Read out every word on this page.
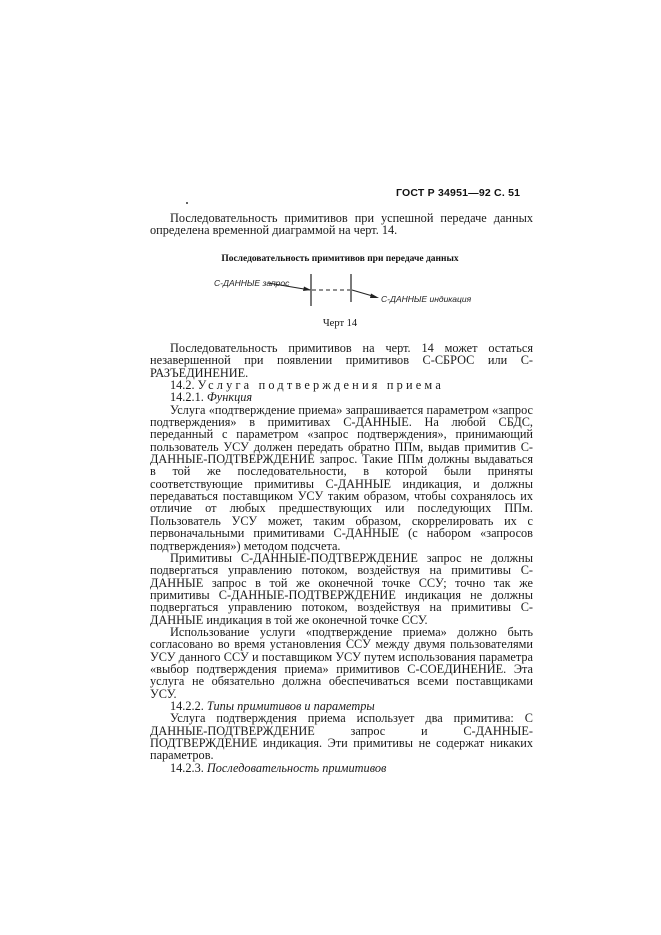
ГОСТ Р 34951—92 С. 51

Последовательность примитивов при успешной передаче данных определена временной диаграммой на черт. 14.

Последовательность примитивов при передаче данных
С-ДАННЫЕ запрос
С-ДАННЫЕ индикация
Черт 14

Последовательность примитивов на черт. 14 может остаться незавершенной при появлении примитивов С-СБРОС или С-РАЗЪЕДИНЕНИЕ.

14.2. Услуга подтверждения приема

14.2.1. Функция

Услуга «подтверждение приема» запрашивается параметром «запрос подтверждения» в примитивах С-ДАННЫЕ. На любой СБДС, переданный с параметром «запрос подтверждения», принимающий пользователь УСУ должен передать обратно ППм, выдав примитив С-ДАННЫЕ-ПОДТВЕРЖДЕНИЕ запрос. Такие ППм должны выдаваться в той же последовательности, в которой были приняты соответствующие примитивы С-ДАННЫЕ индикация, и должны передаваться поставщиком УСУ таким образом, чтобы сохранялось их отличие от любых предшествующих или последующих ППм. Пользователь УСУ может, таким образом, скоррелировать их с первоначальными примитивами С-ДАННЫЕ (с набором «запросов подтверждения») методом подсчета.

Примитивы С-ДАННЫЕ-ПОДТВЕРЖДЕНИЕ запрос не должны подвергаться управлению потоком, воздействуя на примитивы С-ДАННЫЕ запрос в той же оконечной точке ССУ; точно так же примитивы С-ДАННЫЕ-ПОДТВЕРЖДЕНИЕ индикация не должны подвергаться управлению потоком, воздействуя на примитивы С-ДАННЫЕ индикация в той же оконечной точке ССУ.

Использование услуги «подтверждение приема» должно быть согласовано во время установления ССУ между двумя пользователями УСУ данного ССУ и поставщиком УСУ путем использования параметра «выбор подтверждения приема» примитивов С-СОЕДИНЕНИЕ. Эта услуга не обязательно должна обеспечиваться всеми поставщиками УСУ.

14.2.2. Типы примитивов и параметры

Услуга подтверждения приема использует два примитива: С ДАННЫЕ-ПОДТВЕРЖДЕНИЕ запрос и С-ДАННЫЕ-ПОДТВЕРЖДЕНИЕ индикация. Эти примитивы не содержат никаких параметров.

14.2.3. Последовательность примитивов
